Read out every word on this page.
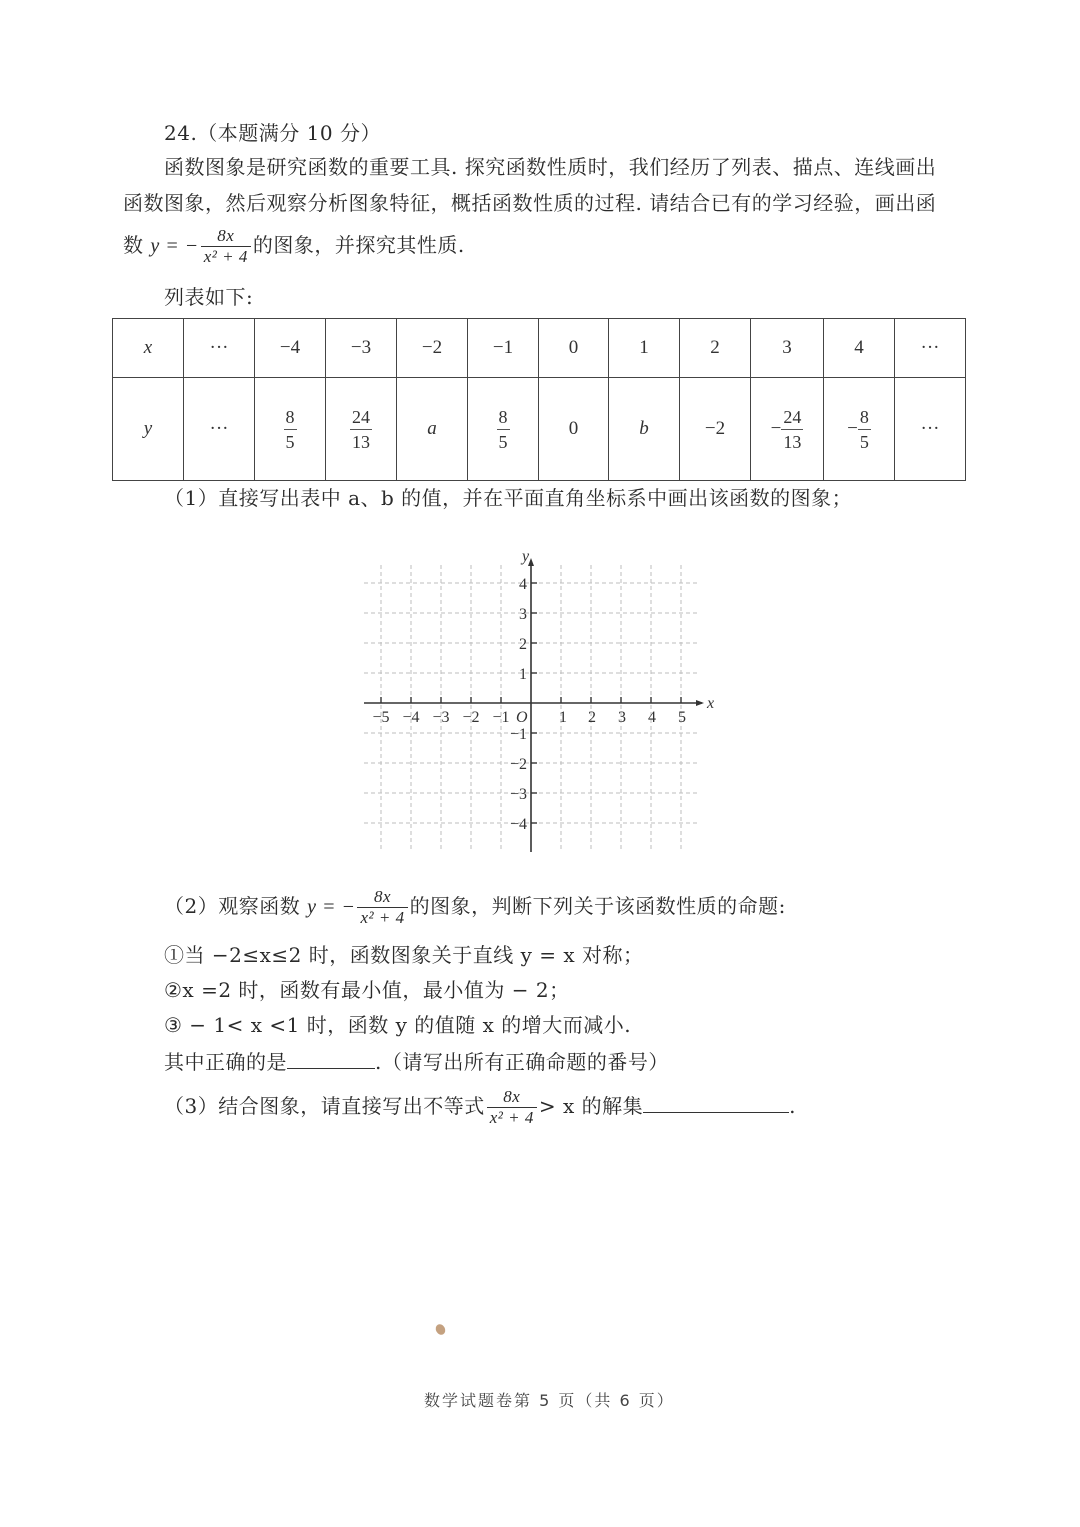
24.（本题满分 10 分）
函数图象是研究函数的重要工具. 探究函数性质时，我们经历了列表、描点、连线画出
函数图象，然后观察分析图象特征，概括函数性质的过程. 请结合已有的学习经验，画出函
数 y = − $\frac{8x}{\text{x² + 4}}$ 的图象，并探究其性质.
列表如下:
x	···	−4	−3	−2	−1	0	1	2	3	4	···
y	···	$\frac{8}{5}$	$\frac{24}{13}$	a	$\frac{8}{5}$	0	b	−2	− $\frac{24}{13}$	− $\frac{8}{5}$	···
（1）直接写出表中 a、b 的值，并在平面直角坐标系中画出该函数的图象；
y
x
O
−5 −4 −3 −2 −1	1 2 3 4 5
4
3
2
1
−1
−2
−3
−4
（2）观察函数 y = − $\frac{8x}{\text{x² + 4}}$ 的图象，判断下列关于该函数性质的命题:
①当 −2≤x≤2 时，函数图象关于直线 y = x 对称；
②x =2 时，函数有最小值，最小值为 − 2；
③ − 1< x <1 时，函数 y 的值随 x 的增大而减小.
其中正确的是	.（请写出所有正确命题的番号）
（3）结合图象，请直接写出不等式 $\frac{8x}{\text{x² + 4}} > x$ 的解集	.
数学试题卷第 5 页（共 6 页）
